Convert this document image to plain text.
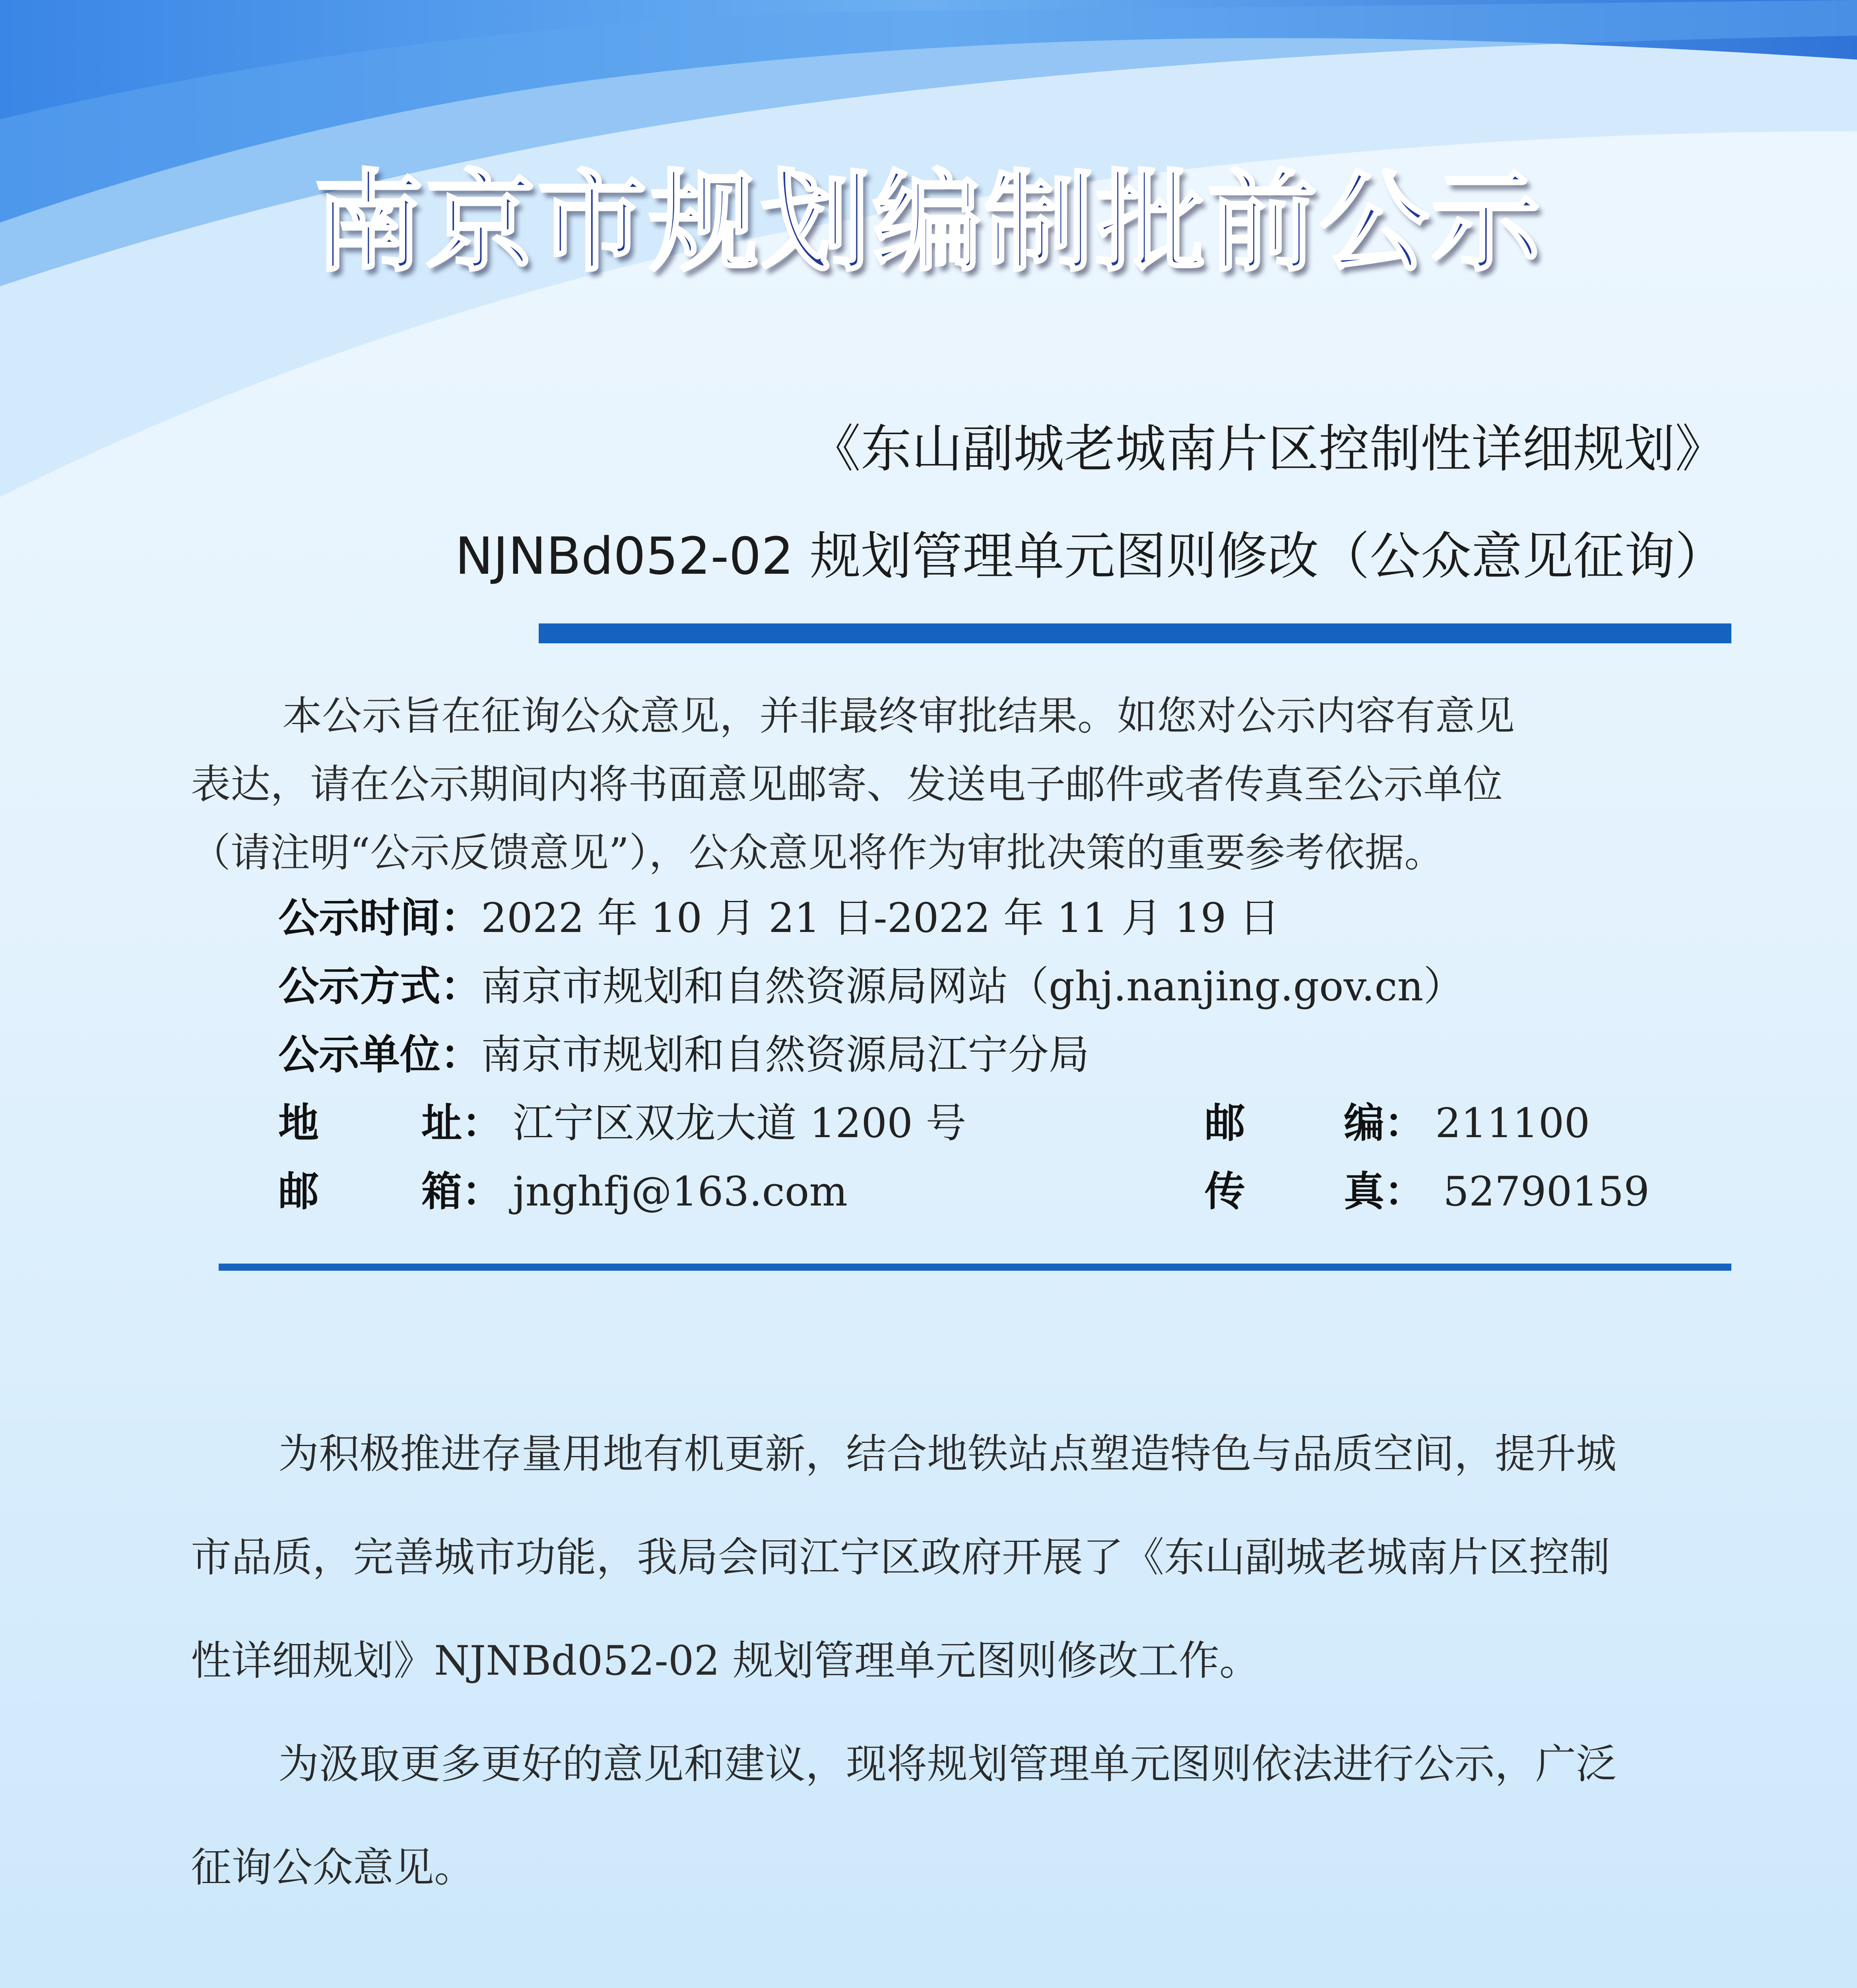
南京市规划编制批前公示
《东山副城老城南片区控制性详细规划》
NJNBd052-02 规划管理单元图则修改（公众意见征询）
本公示旨在征询公众意见，并非最终审批结果。如您对公示内容有意见
表达，请在公示期间内将书面意见邮寄、发送电子邮件或者传真至公示单位
（请注明“公示反馈意见”），公众意见将作为审批决策的重要参考依据。
公示时间：2022 年 10 月 21 日-2022 年 11 月 19 日
公示方式：南京市规划和自然资源局网站（ghj.nanjing.gov.cn）
公示单位：南京市规划和自然资源局江宁分局
地	址： 江宁区双龙大道 1200 号	邮 编： 211100
邮	箱： jnghfj@163.com	传 真： 52790159
为积极推进存量用地有机更新，结合地铁站点塑造特色与品质空间，提升城
市品质，完善城市功能，我局会同江宁区政府开展了《东山副城老城南片区控制
性详细规划》NJNBd052-02 规划管理单元图则修改工作。
为汲取更多更好的意见和建议，现将规划管理单元图则依法进行公示，广泛
征询公众意见。
